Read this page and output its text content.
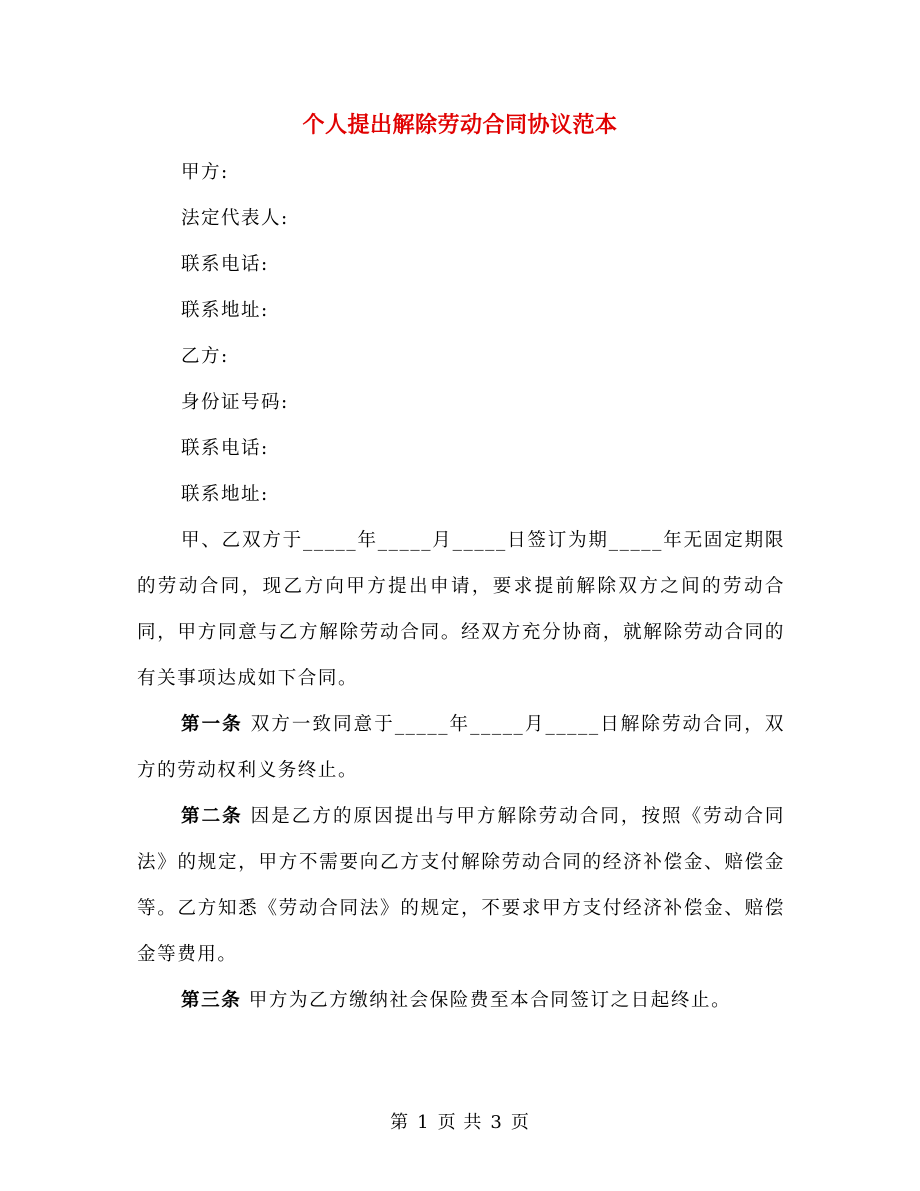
个人提出解除劳动合同协议范本
甲方:
法定代表人:
联系电话:
联系地址:
乙方:
身份证号码:
联系电话:
联系地址:

甲、乙双方于_____年_____月_____日签订为期_____年无固定期限的劳动合同，现乙方向甲方提出申请，要求提前解除双方之间的劳动合同，甲方同意与乙方解除劳动合同。经双方充分协商，就解除劳动合同的有关事项达成如下合同。

第一条 双方一致同意于_____年_____月_____日解除劳动合同，双方的劳动权利义务终止。

第二条 因是乙方的原因提出与甲方解除劳动合同，按照《劳动合同法》的规定，甲方不需要向乙方支付解除劳动合同的经济补偿金、赔偿金等。乙方知悉《劳动合同法》的规定，不要求甲方支付经济补偿金、赔偿金等费用。

第三条 甲方为乙方缴纳社会保险费至本合同签订之日起终止。

第 1 页 共 3 页
